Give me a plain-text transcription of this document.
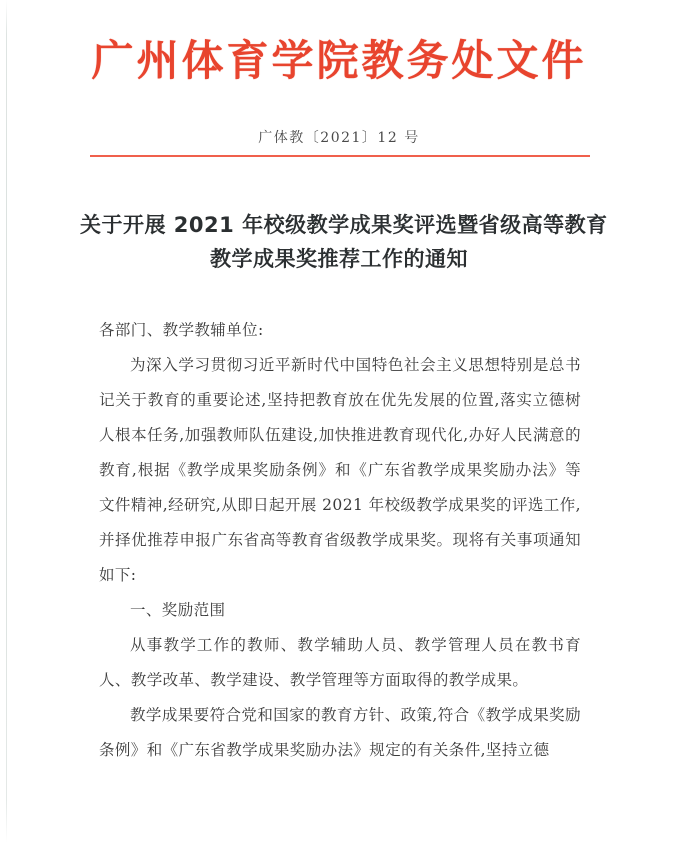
广州体育学院教务处文件
广体教〔2021〕12 号
关于开展 2021 年校级教学成果奖评选暨省级高等教育
教学成果奖推荐工作的通知

各部门、教学教辅单位:

为深入学习贯彻习近平新时代中国特色社会主义思想特别是总书记关于教育的重要论述,坚持把教育放在优先发展的位置,落实立德树人根本任务,加强教师队伍建设,加快推进教育现代化,办好人民满意的教育,根据《教学成果奖励条例》和《广东省教学成果奖励办法》等文件精神,经研究,从即日起开展 2021 年校级教学成果奖的评选工作,并择优推荐申报广东省高等教育省级教学成果奖。现将有关事项通知如下:

一、奖励范围

从事教学工作的教师、教学辅助人员、教学管理人员在教书育人、教学改革、教学建设、教学管理等方面取得的教学成果。

教学成果要符合党和国家的教育方针、政策,符合《教学成果奖励条例》和《广东省教学成果奖励办法》规定的有关条件,坚持立德
